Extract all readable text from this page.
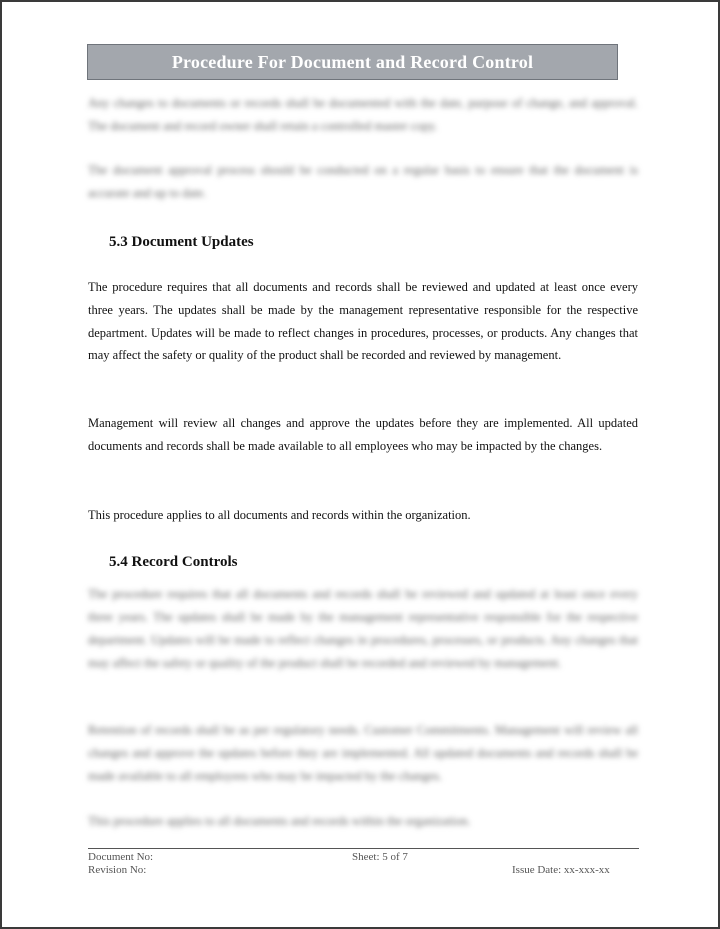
Procedure For Document and Record Control
Any changes to documents or records shall be documented with the date, purpose of change, and approval. The document and record owner shall retain a controlled master copy.
The document approval process should be conducted on a regular basis to ensure that the document is accurate and up to date.
5.3 Document Updates
The procedure requires that all documents and records shall be reviewed and updated at least once every three years. The updates shall be made by the management representative responsible for the respective department. Updates will be made to reflect changes in procedures, processes, or products. Any changes that may affect the safety or quality of the product shall be recorded and reviewed by management.
Management will review all changes and approve the updates before they are implemented. All updated documents and records shall be made available to all employees who may be impacted by the changes.
This procedure applies to all documents and records within the organization.
5.4 Record Controls
The procedure requires that all documents and records shall be reviewed and updated at least once every three years. The updates shall be made by the management representative responsible for the respective department. Updates will be made to reflect changes in procedures, processes, or products. Any changes that may affect the safety or quality of the product shall be recorded and reviewed by management.
Retention of records shall be as per regulatory needs. Customer Commitments. Management will review all changes and approve the updates before they are implemented. All updated documents and records shall be made available to all employees who may be impacted by the changes.
This procedure applies to all documents and records within the organization.
Document No:
Revision No:
Sheet: 5 of 7
Issue Date: xx-xxx-xx
